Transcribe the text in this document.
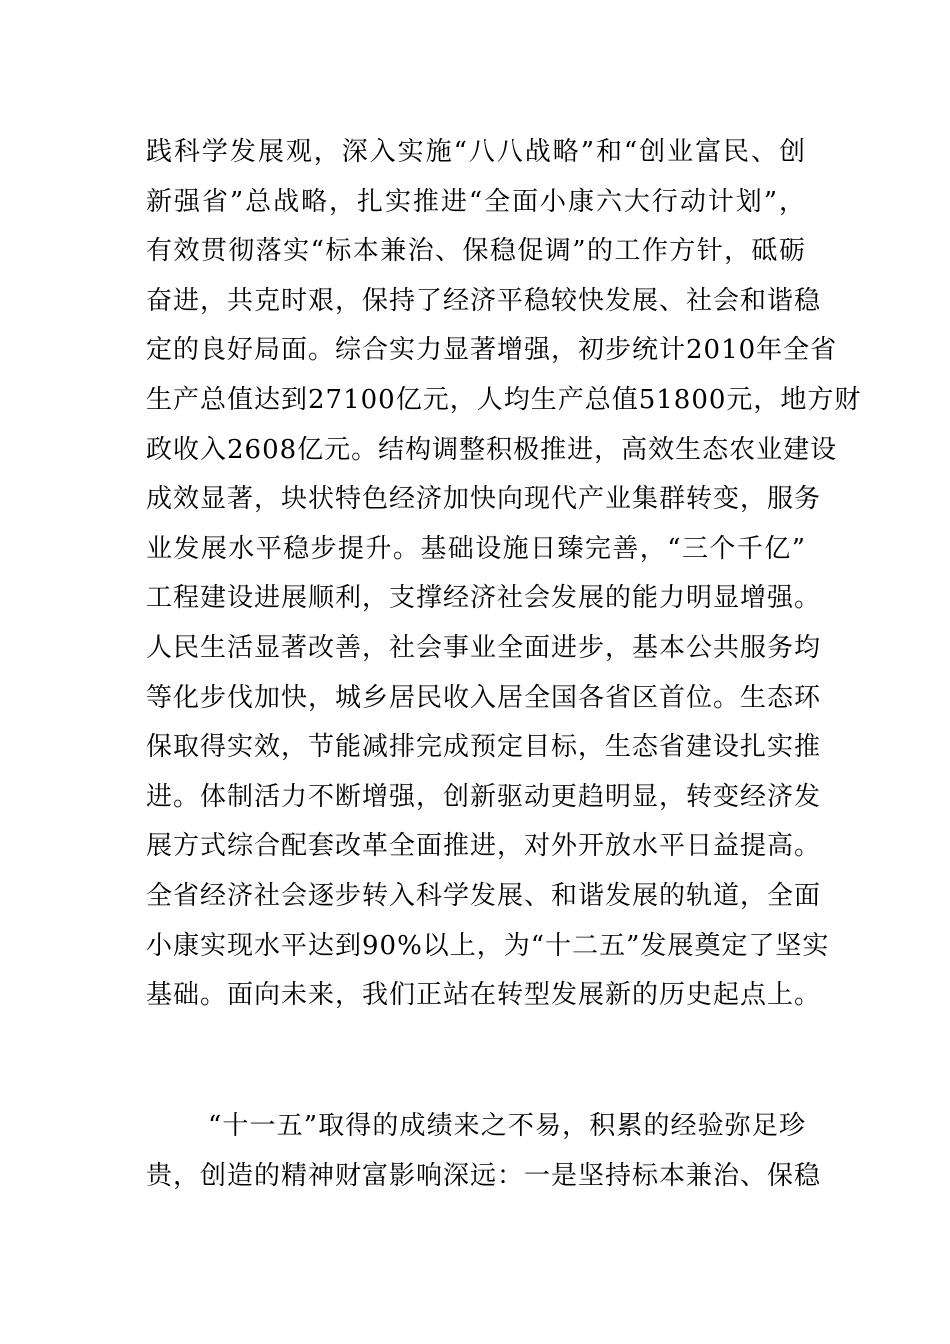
践科学发展观，深入实施“八八战略”和“创业富民、创
新强省”总战略，扎实推进“全面小康六大行动计划”，
有效贯彻落实“标本兼治、保稳促调”的工作方针，砥砺
奋进，共克时艰，保持了经济平稳较快发展、社会和谐稳
定的良好局面。综合实力显著增强，初步统计2010年全省
生产总值达到27100亿元，人均生产总值51800元，地方财
政收入2608亿元。结构调整积极推进，高效生态农业建设
成效显著，块状特色经济加快向现代产业集群转变，服务
业发展水平稳步提升。基础设施日臻完善，“三个千亿”
工程建设进展顺利，支撑经济社会发展的能力明显增强。
人民生活显著改善，社会事业全面进步，基本公共服务均
等化步伐加快，城乡居民收入居全国各省区首位。生态环
保取得实效，节能减排完成预定目标，生态省建设扎实推
进。体制活力不断增强，创新驱动更趋明显，转变经济发
展方式综合配套改革全面推进，对外开放水平日益提高。
全省经济社会逐步转入科学发展、和谐发展的轨道，全面
小康实现水平达到90%以上，为“十二五”发展奠定了坚实
基础。面向未来，我们正站在转型发展新的历史起点上。
“十一五”取得的成绩来之不易，积累的经验弥足珍
贵，创造的精神财富影响深远：一是坚持标本兼治、保稳
